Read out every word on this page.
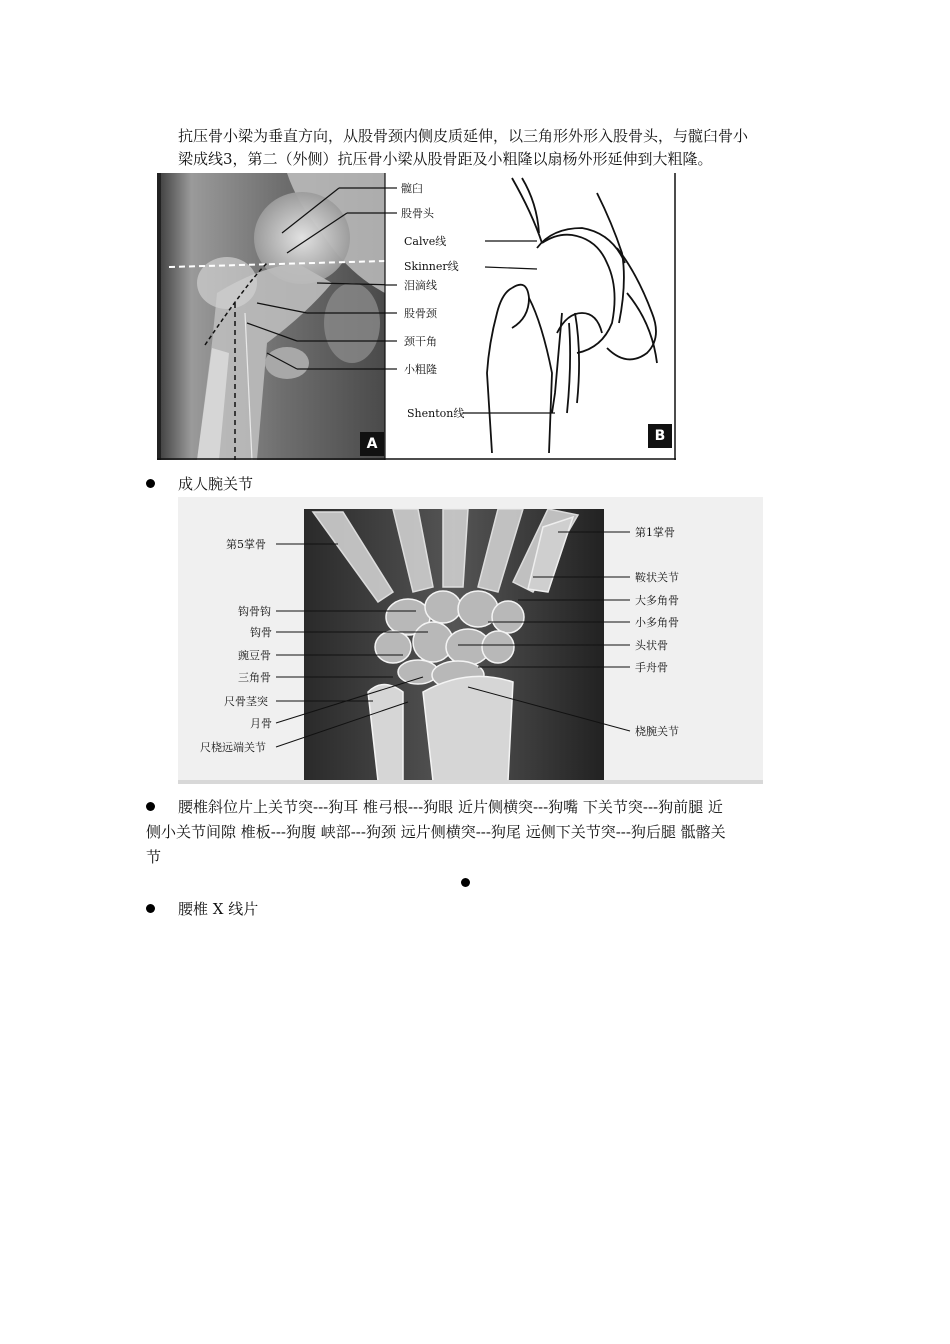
抗压骨小梁为垂直方向，从股骨颈内侧皮质延伸，以三角形外形入股骨头，与髋臼骨小
梁成线3，第二（外侧）抗压骨小梁从股骨距及小粗隆以扇杨外形延伸到大粗隆。
髋臼
股骨头
Calve线
Skinner线
泪滴线
股骨颈
颈干角
小粗隆
Shenton线
A	B
成人腕关节
第5掌骨
钩骨钩
钩骨
豌豆骨
三角骨
尺骨茎突
月骨
尺桡远端关节
第1掌骨
鞍状关节
大多角骨
小多角骨
头状骨
手舟骨
桡腕关节
腰椎斜位片上关节突---狗耳 椎弓根---狗眼 近片侧横突---狗嘴 下关节突---狗前腿 近
侧小关节间隙 椎板---狗腹 峡部---狗颈 远片侧横突---狗尾 远侧下关节突---狗后腿 骶髂关
节
腰椎 X 线片
